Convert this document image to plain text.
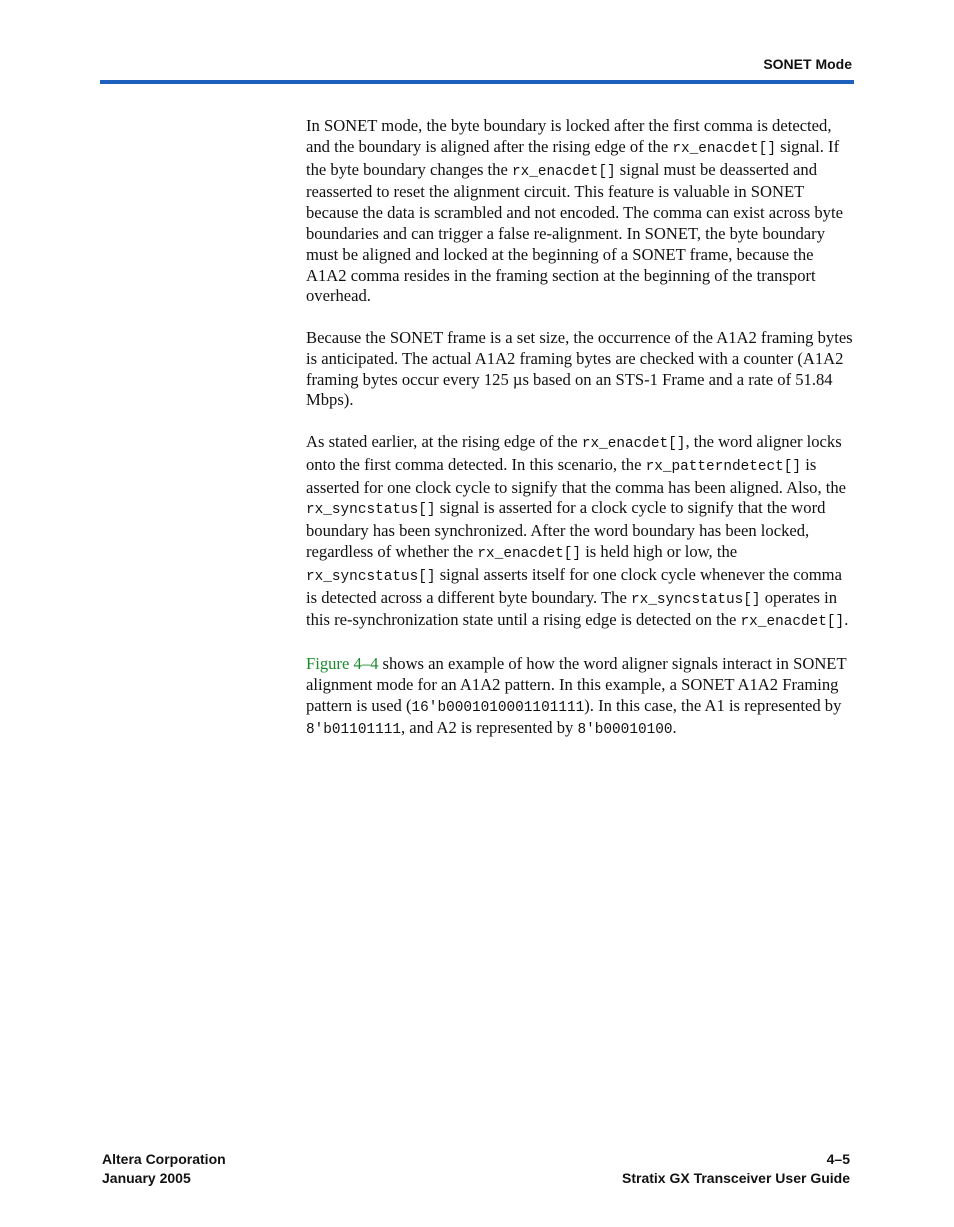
SONET Mode

In SONET mode, the byte boundary is locked after the first comma is detected, and the boundary is aligned after the rising edge of the rx_enacdet[] signal. If the byte boundary changes the rx_enacdet[] signal must be deasserted and reasserted to reset the alignment circuit. This feature is valuable in SONET because the data is scrambled and not encoded. The comma can exist across byte boundaries and can trigger a false re-alignment. In SONET, the byte boundary must be aligned and locked at the beginning of a SONET frame, because the A1A2 comma resides in the framing section at the beginning of the transport overhead.

Because the SONET frame is a set size, the occurrence of the A1A2 framing bytes is anticipated. The actual A1A2 framing bytes are checked with a counter (A1A2 framing bytes occur every 125 µs based on an STS-1 Frame and a rate of 51.84 Mbps).

As stated earlier, at the rising edge of the rx_enacdet[], the word aligner locks onto the first comma detected. In this scenario, the rx_patterndetect[] is asserted for one clock cycle to signify that the comma has been aligned. Also, the rx_syncstatus[] signal is asserted for a clock cycle to signify that the word boundary has been synchronized. After the word boundary has been locked, regardless of whether the rx_enacdet[] is held high or low, the rx_syncstatus[] signal asserts itself for one clock cycle whenever the comma is detected across a different byte boundary. The rx_syncstatus[] operates in this re-synchronization state until a rising edge is detected on the rx_enacdet[].

Figure 4–4 shows an example of how the word aligner signals interact in SONET alignment mode for an A1A2 pattern. In this example, a SONET A1A2 Framing pattern is used (16'b0001010001101111). In this case, the A1 is represented by 8'b01101111, and A2 is represented by 8'b00010100.

Altera Corporation
January 2005
4–5
Stratix GX Transceiver User Guide
